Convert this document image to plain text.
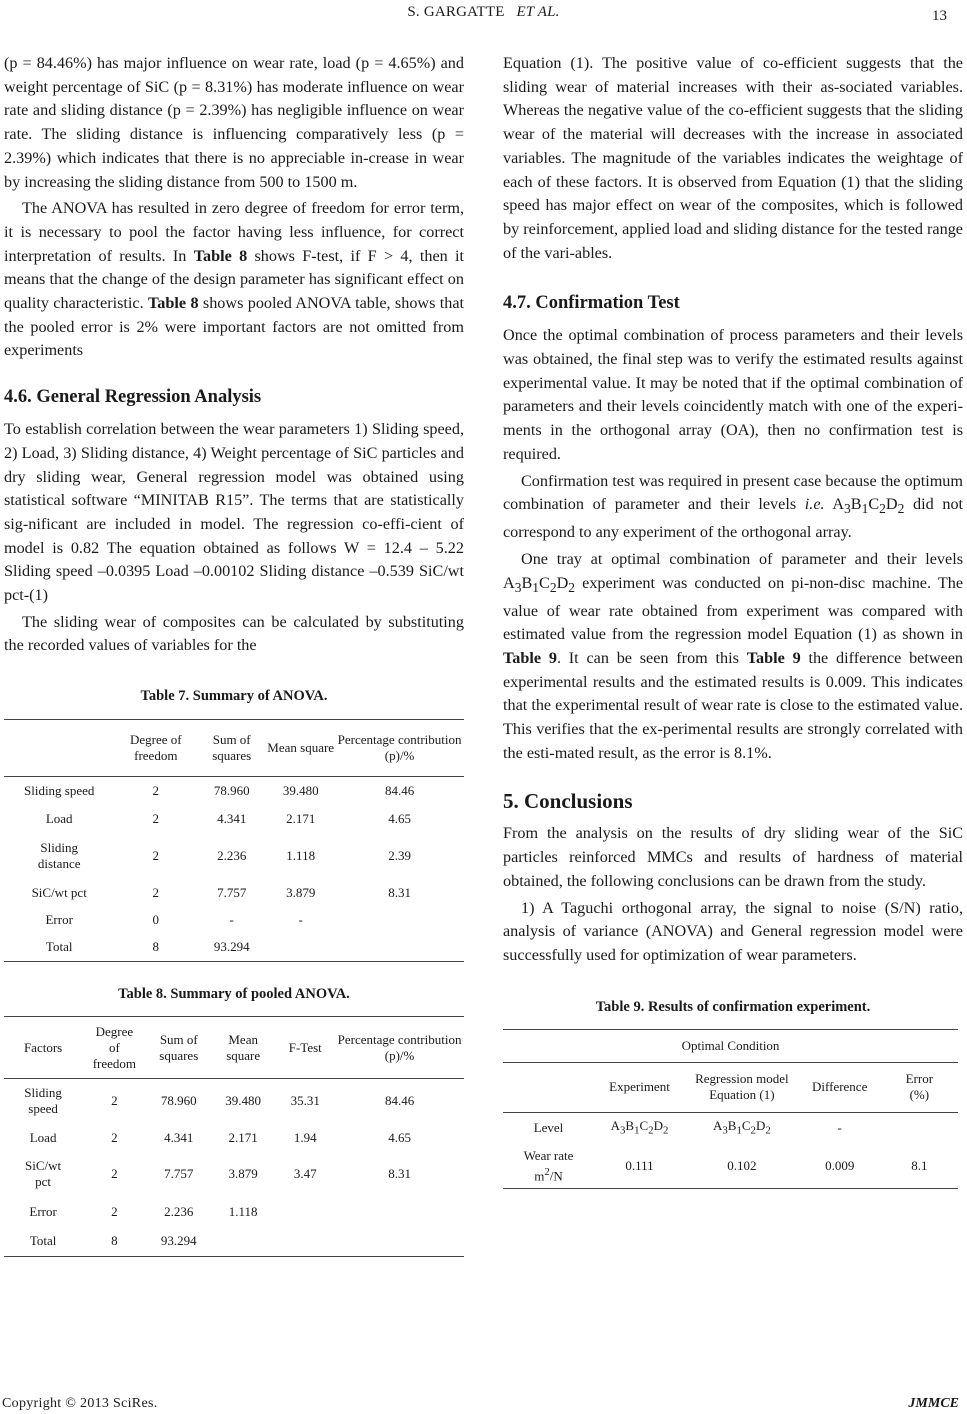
S. GARGATTE ET AL.	13

(p = 84.46%) has major influence on wear rate, load (p = 4.65%) and weight percentage of SiC (p = 8.31%) has moderate influence on wear rate and sliding distance (p = 2.39%) has negligible influence on wear rate. The sliding distance is influencing comparatively less (p = 2.39%) which indicates that there is no appreciable in-crease in wear by increasing the sliding distance from 500 to 1500 m.

The ANOVA has resulted in zero degree of freedom for error term, it is necessary to pool the factor having less influence, for correct interpretation of results. In Table 8 shows F-test, if F > 4, then it means that the change of the design parameter has significant effect on quality characteristic. Table 8 shows pooled ANOVA table, shows that the pooled error is 2% were important factors are not omitted from experiments

4.6. General Regression Analysis

To establish correlation between the wear parameters 1) Sliding speed, 2) Load, 3) Sliding distance, 4) Weight percentage of SiC particles and dry sliding wear, General regression model was obtained using statistical software “MINITAB R15”. The terms that are statistically sig-nificant are included in model. The regression co-effi-cient of model is 0.82 The equation obtained as follows W = 12.4 – 5.22 Sliding speed –0.0395 Load –0.00102 Sliding distance –0.539 SiC/wt pct-(1)

The sliding wear of composites can be calculated by substituting the recorded values of variables for the

Table 7. Summary of ANOVA.
	Degree of freedom	Sum of squares	Mean square	Percentage contribution (p)/%
Sliding speed	2	78.960	39.480	84.46
Load	2	4.341	2.171	4.65
Sliding distance	2	2.236	1.118	2.39
SiC/wt pct	2	7.757	3.879	8.31
Error	0	-	-	
Total	8	93.294		
Table 8. Summary of pooled ANOVA.
Factors	Degree of freedom	Sum of squares	Mean square	F-Test	Percentage contribution (p)/%
Sliding speed	2	78.960	39.480	35.31	84.46
Load	2	4.341	2.171	1.94	4.65
SiC/wt pct	2	7.757	3.879	3.47	8.31
Error	2	2.236	1.118		
Total	8	93.294			

Equation (1). The positive value of co-efficient suggests that the sliding wear of material increases with their as-sociated variables. Whereas the negative value of the co-efficient suggests that the sliding wear of the material will decreases with the increase in associated variables. The magnitude of the variables indicates the weightage of each of these factors. It is observed from Equation (1) that the sliding speed has major effect on wear of the composites, which is followed by reinforcement, applied load and sliding distance for the tested range of the vari-ables.

4.7. Confirmation Test

Once the optimal combination of process parameters and their levels was obtained, the final step was to verify the estimated results against experimental value. It may be noted that if the optimal combination of parameters and their levels coincidently match with one of the experi-ments in the orthogonal array (OA), then no confirmation test is required.

Confirmation test was required in present case because the optimum combination of parameter and their levels i.e. $A_3B_1C_2D_2$ did not correspond to any experiment of the orthogonal array.

One tray at optimal combination of parameter and their levels $A_3B_1C_2D_2$ experiment was conducted on pi-non-disc machine. The value of wear rate obtained from experiment was compared with estimated value from the regression model Equation (1) as shown in Table 9. It can be seen from this Table 9 the difference between experimental results and the estimated results is 0.009. This indicates that the experimental result of wear rate is close to the estimated value. This verifies that the ex-perimental results are strongly correlated with the esti-mated result, as the error is 8.1%.

5. Conclusions

From the analysis on the results of dry sliding wear of the SiC particles reinforced MMCs and results of hardness of material obtained, the following conclusions can be drawn from the study.

1) A Taguchi orthogonal array, the signal to noise (S/N) ratio, analysis of variance (ANOVA) and General regression model were successfully used for optimization of wear parameters.

Table 9. Results of confirmation experiment.
Optimal Condition				
	Experiment	Regression model Equation (1)	Difference	Error (%)
Level	$A_3B_1C_2D_2$	$A_3B_1C_2D_2$	-	
Wear rate
$m^2/N$	0.111	0.102	0.009	8.1
Copyright © 2013 SciRes.	JMMCE
